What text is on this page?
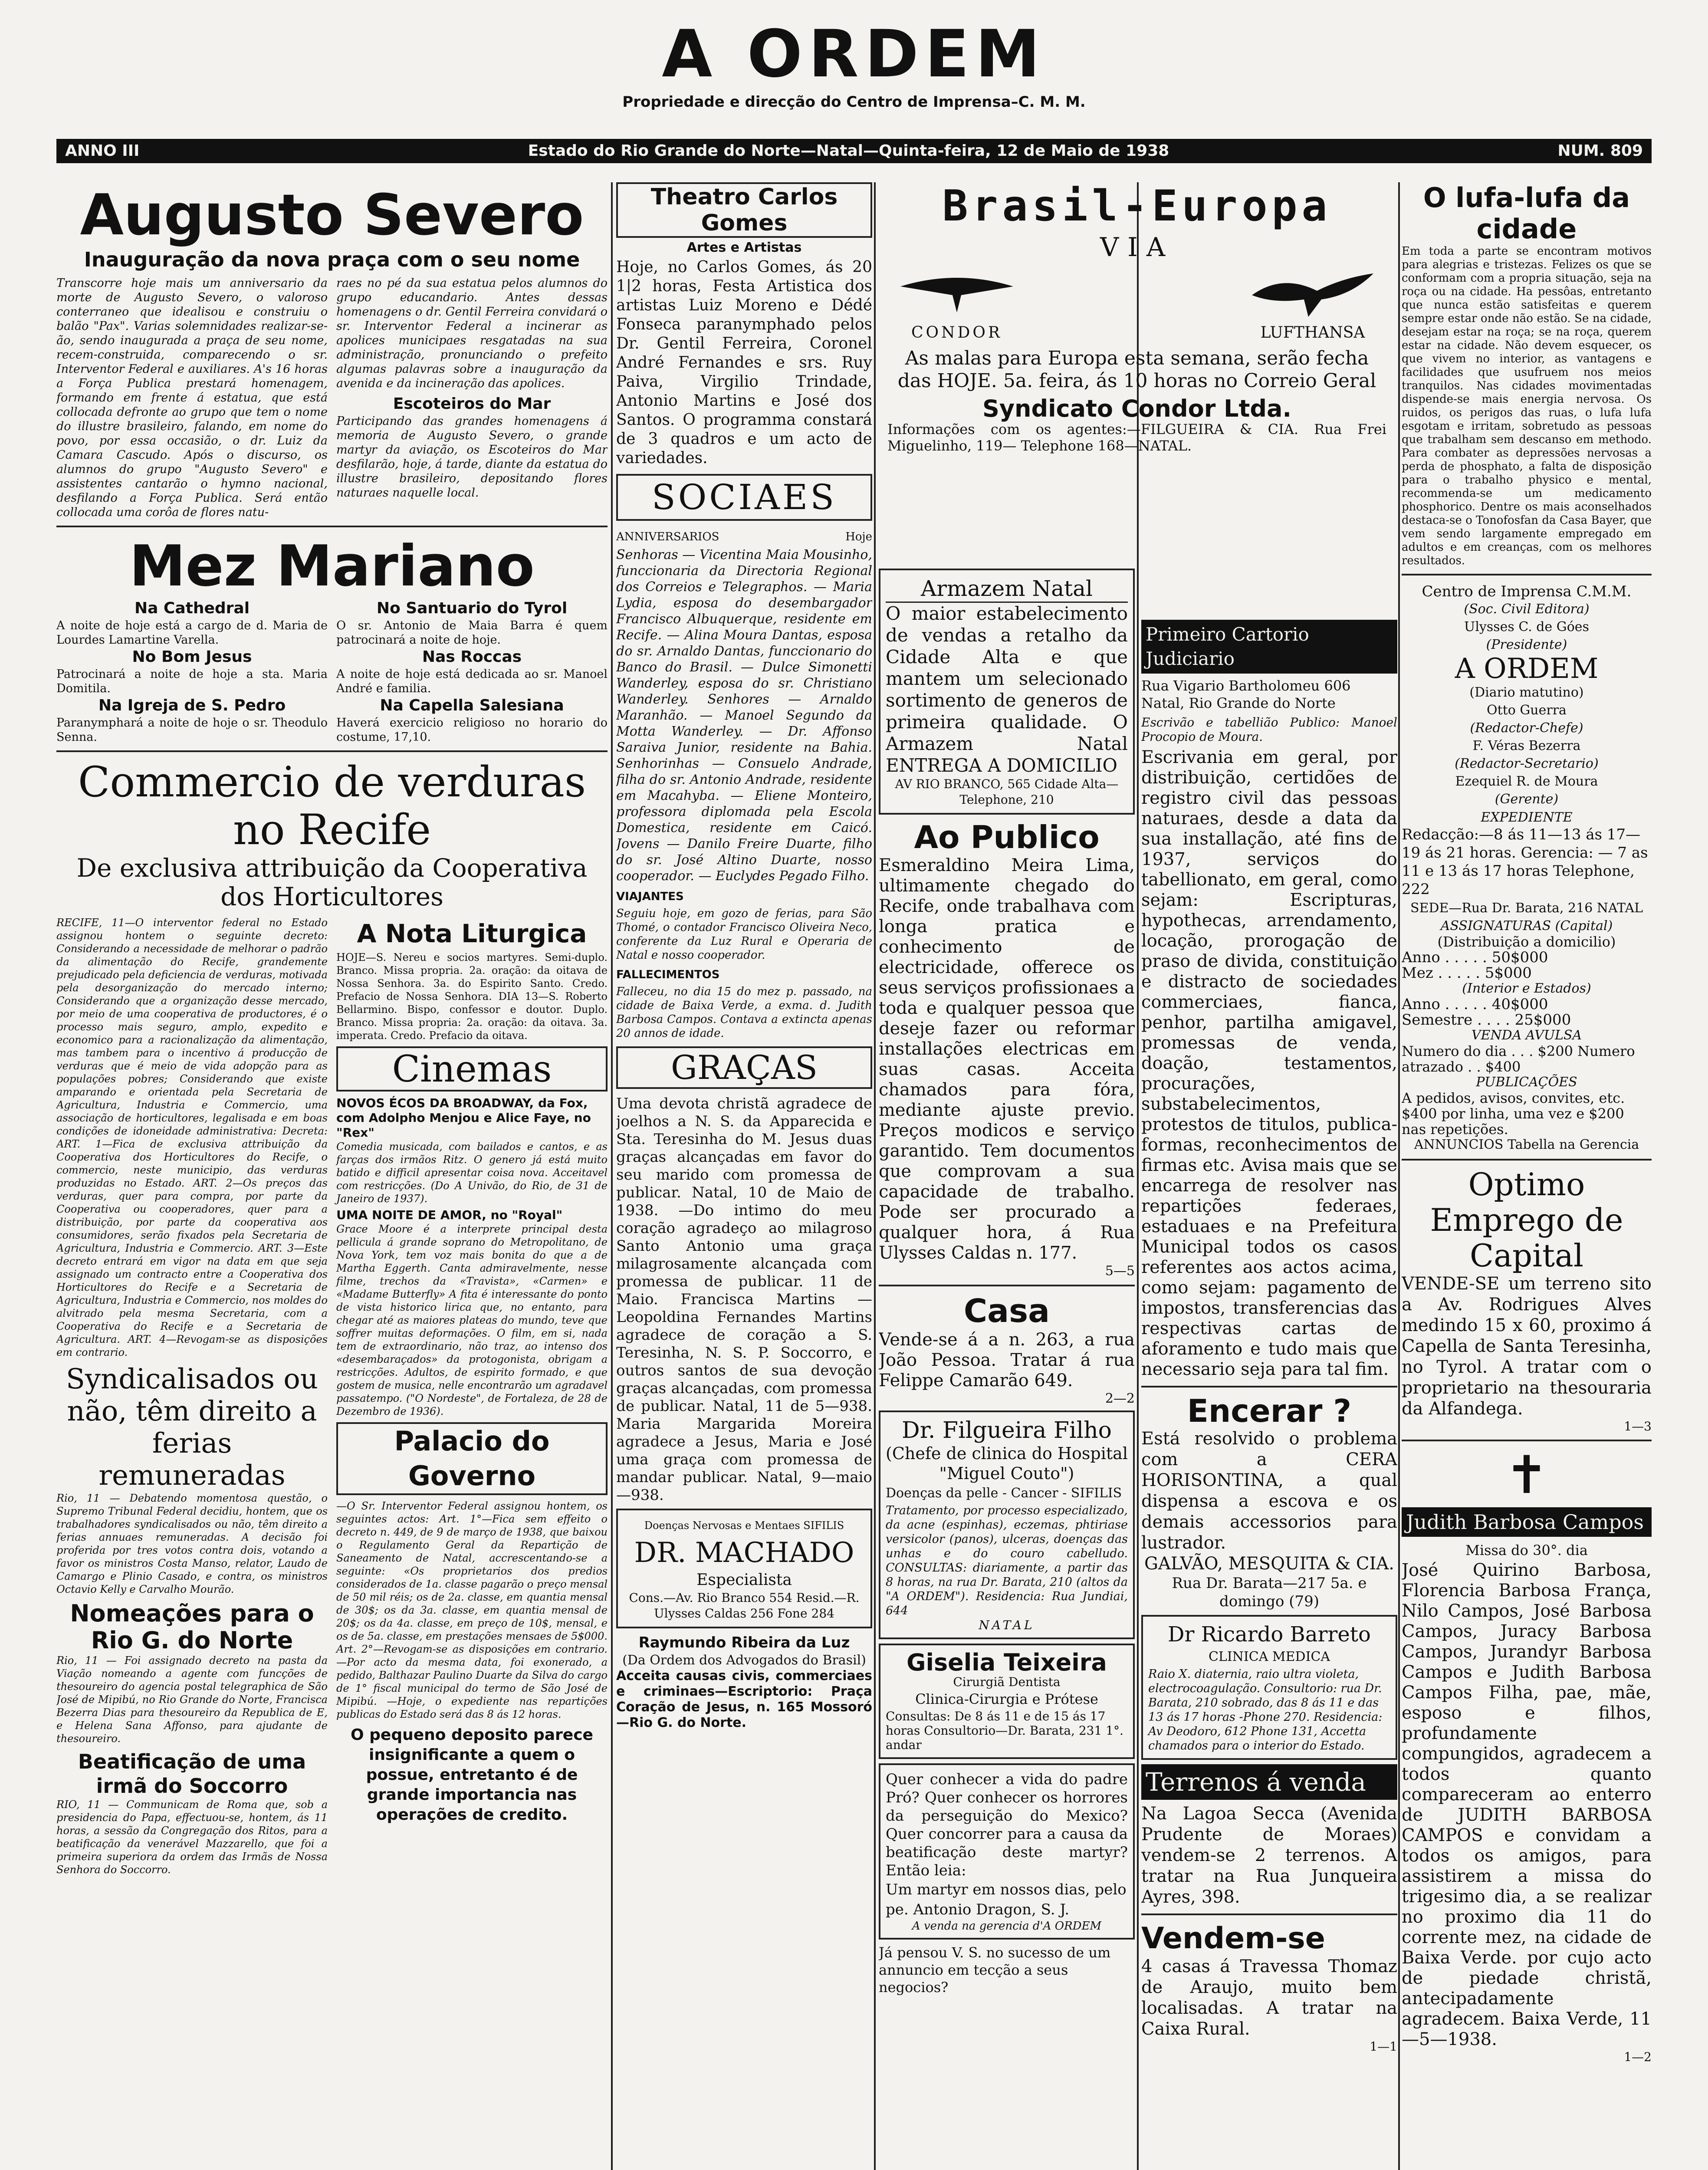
A ORDEM
Propriedade e direcção do Centro de Imprensa–C. M. M.
ANNO III	Estado do Rio Grande do Norte—Natal—Quinta-feira, 12 de Maio de 1938	NUM. 809
Augusto Severo
Inauguração da nova praça com o seu nome
Transcorre hoje mais um anniversario da morte de Augusto Severo, o valoroso conterraneo que idealisou e construiu o balão "Pax". Varias solemnidades realizar-se-ão, sendo inaugurada a praça de seu nome, recem-construida, comparecendo o sr. Interventor Federal e auxiliares. A's 16 horas a Força Publica prestará homenagem, formando em frente á estatua, que está collocada defronte ao grupo que tem o nome do illustre brasileiro, falando, em nome do povo, por essa occasião, o dr. Luiz da Camara Cascudo. Após o discurso, os alumnos do grupo "Augusto Severo" e assistentes cantarão o hymno nacional, desfilando a Força Publica. Será então collocada uma corôa de flores natu-
raes no pé da sua estatua pelos alumnos do grupo educandario. Antes dessas homenagens o dr. Gentil Ferreira convidará o sr. Interventor Federal a incinerar as apolices municipaes resgatadas na sua administração, pronunciando o prefeito algumas palavras sobre a inauguração da avenida e da incineração das apolices.
Escoteiros do Mar
Participando das grandes homenagens á memoria de Augusto Severo, o grande martyr da aviação, os Escoteiros do Mar desfilarão, hoje, á tarde, diante da estatua do illustre brasileiro, depositando flores naturaes naquelle local.
Mez Mariano
Na Cathedral
A noite de hoje está a cargo de d. Maria de Lourdes Lamartine Varella.
No Bom Jesus
Patrocinará a noite de hoje a sta. Maria Domitila.
Na Igreja de S. Pedro
Paranymphará a noite de hoje o sr. Theodulo Senna.
No Santuario do Tyrol
O sr. Antonio de Maia Barra é quem patrocinará a noite de hoje.
Nas Roccas
A noite de hoje está dedicada ao sr. Manoel André e familia.
Na Capella Salesiana
Haverá exercicio religioso no horario do costume, 17,10.
Commercio de verduras no Recife
De exclusiva attribuição da Cooperativa dos Horticultores
RECIFE, 11—O interventor federal no Estado assignou hontem o seguinte decreto: Considerando a necessidade de melhorar o padrão da alimentação do Recife, grandemente prejudicado pela deficiencia de verduras, motivada pela desorganização do mercado interno; Considerando que a organização desse mercado, por meio de uma cooperativa de productores, é o processo mais seguro, amplo, expedito e economico para a racionalização da alimentação, mas tambem para o incentivo á producção de verduras que é meio de vida adopção para as populações pobres; Considerando que existe amparando e orientada pela Secretaria de Agricultura, Industria e Commercio, uma associação de horticultores, legalisada e em boas condições de idoneidade administrativa: Decreta: ART. 1—Fica de exclusiva attribuição da Cooperativa dos Horticultores do Recife, o commercio, neste municipio, das verduras produzidas no Estado. ART. 2—Os preços das verduras, quer para compra, por parte da Cooperativa ou cooperadores, quer para a distribuição, por parte da cooperativa aos consumidores, serão fixados pela Secretaria de Agricultura, Industria e Commercio. ART. 3—Este decreto entrará em vigor na data em que seja assignado um contracto entre a Cooperativa dos Horticultores do Recife e a Secretaria de Agricultura, Industria e Commercio, nos moldes do alvitrado pela mesma Secretaria, com a Cooperativa do Recife e a Secretaria de Agricultura. ART. 4—Revogam-se as disposições em contrario.
Syndicalisados ou não, têm direito a ferias remuneradas
Rio, 11 — Debatendo momentosa questão, o Supremo Tribunal Federal decidiu, hontem, que os trabalhadores syndicalisados ou não, têm direito a ferias annuaes remuneradas. A decisão foi proferida por tres votos contra dois, votando a favor os ministros Costa Manso, relator, Laudo de Camargo e Plinio Casado, e contra, os ministros Octavio Kelly e Carvalho Mourão.
Nomeações para o Rio G. do Norte
Rio, 11 — Foi assignado decreto na pasta da Viação nomeando a agente com funcções de thesoureiro do agencia postal telegraphica de São José de Mipibú, no Rio Grande do Norte, Francisca Bezerra Dias para thesoureiro da Republica de E, e Helena Sana Affonso, para ajudante de thesoureiro.
Beatificação de uma irmã do Soccorro
RIO, 11 — Communicam de Roma que, sob a presidencia do Papa, effectuou-se, hontem, ás 11 horas, a sessão da Congregação dos Ritos, para a beatificação da venerável Mazzarello, que foi a primeira superiora da ordem das Irmãs de Nossa Senhora do Soccorro.
A Nota Liturgica
HOJE—S. Nereu e socios martyres. Semi-duplo. Branco. Missa propria. 2a. oração: da oitava de Nossa Senhora. 3a. do Espirito Santo. Credo. Prefacio de Nossa Senhora. DIA 13—S. Roberto Bellarmino. Bispo, confessor e doutor. Duplo. Branco. Missa propria: 2a. oração: da oitava. 3a. imperata. Credo. Prefacio da oitava.
Cinemas
NOVOS ÉCOS DA BROADWAY, da Fox, com Adolpho Menjou e Alice Faye, no "Rex"
Comedia musicada, com bailados e cantos, e as farças dos irmãos Ritz. O genero já está muito batido e difficil apresentar coisa nova. Acceitavel com restricções. (Do A Univão, do Rio, de 31 de Janeiro de 1937).
UMA NOITE DE AMOR, no "Royal"
Grace Moore é a interprete principal desta pellicula á grande soprano do Metropolitano, de Nova York, tem voz mais bonita do que a de Martha Eggerth. Canta admiravelmente, nesse filme, trechos da «Travista», «Carmen» e «Madame Butterfly» A fita é interessante do ponto de vista historico lirica que, no entanto, para chegar até as maiores plateas do mundo, teve que soffrer muitas deformações. O film, em si, nada tem de extraordinario, não traz, ao intenso dos «desembaraçados» da protogonista, obrigam a restricções. Adultos, de espirito formado, e que gostem de musica, nelle encontrarão um agradavel passatempo. ("O Nordeste", de Fortaleza, de 28 de Dezembro de 1936).
Palacio do Governo
—O Sr. Interventor Federal assignou hontem, os seguintes actos: Art. 1°—Fica sem effeito o decreto n. 449, de 9 de março de 1938, que baixou o Regulamento Geral da Repartição de Saneamento de Natal, accrescentando-se a seguinte: «Os proprietarios dos predios considerados de 1a. classe pagarão o preço mensal de 50 mil réis; os de 2a. classe, em quantia mensal de 30$; os da 3a. classe, em quantia mensal de 20$; os da 4a. classe, em preço de 10$, mensal, e os de 5a. classe, em prestações mensaes de 5$000. Art. 2°—Revogam-se as disposições em contrario. —Por acto da mesma data, foi exonerado, a pedido, Balthazar Paulino Duarte da Silva do cargo de 1° fiscal municipal do termo de São José de Mipibú. —Hoje, o expediente nas repartições publicas do Estado será das 8 ás 12 horas.
O pequeno deposito parece insignificante a quem o possue, entretanto é de grande importancia nas operações de credito.
Theatro Carlos Gomes
Artes e Artistas
Hoje, no Carlos Gomes, ás 20 1|2 horas, Festa Artistica dos artistas Luiz Moreno e Dédé Fonseca paranymphado pelos Dr. Gentil Ferreira, Coronel André Fernandes e srs. Ruy Paiva, Virgilio Trindade, Antonio Martins e José dos Santos. O programma constará de 3 quadros e um acto de variedades.
SOCIAES
ANNIVERSARIOS	Hoje
Senhoras — Vicentina Maia Mousinho, funccionaria da Directoria Regional dos Correios e Telegraphos. — Maria Lydia, esposa do desembargador Francisco Albuquerque, residente em Recife. — Alina Moura Dantas, esposa do sr. Arnaldo Dantas, funccionario do Banco do Brasil. — Dulce Simonetti Wanderley, esposa do sr. Christiano Wanderley. Senhores — Arnaldo Maranhão. — Manoel Segundo da Motta Wanderley. — Dr. Affonso Saraiva Junior, residente na Bahia. Senhorinhas — Consuelo Andrade, filha do sr. Antonio Andrade, residente em Macahyba. — Eliene Monteiro, professora diplomada pela Escola Domestica, residente em Caicó. Jovens — Danilo Freire Duarte, filho do sr. José Altino Duarte, nosso cooperador. — Euclydes Pegado Filho.
VIAJANTES
Seguiu hoje, em gozo de ferias, para São Thomé, o contador Francisco Oliveira Neco, conferente da Luz Rural e Operaria de Natal e nosso cooperador.
FALLECIMENTOS
Falleceu, no dia 15 do mez p. passado, na cidade de Baixa Verde, a exma. d. Judith Barbosa Campos. Contava a extincta apenas 20 annos de idade.
GRAÇAS
Uma devota christã agradece de joelhos a N. S. da Apparecida e Sta. Teresinha do M. Jesus duas graças alcançadas em favor do seu marido com promessa de publicar. Natal, 10 de Maio de 1938. —Do intimo do meu coração agradeço ao milagroso Santo Antonio uma graça milagrosamente alcançada com promessa de publicar. 11 de Maio. Francisca Martins —Leopoldina Fernandes Martins agradece de coração a S. Teresinha, N. S. P. Soccorro, e outros santos de sua devoção graças alcançadas, com promessa de publicar. Natal, 11 de 5—938. Maria Margarida Moreira agradece a Jesus, Maria e José uma graça com promessa de mandar publicar. Natal, 9—maio—938.
Doenças Nervosas e Mentaes SIFILIS
DR. MACHADO
Especialista
Cons.—Av. Rio Branco 554 Resid.—R. Ulysses Caldas 256 Fone 284
Raymundo Ribeira da Luz
(Da Ordem dos Advogados do Brasil)
Acceita causas civis, commerciaes e criminaes—Escriptorio: Praça Coração de Jesus, n. 165 Mossoró—Rio G. do Norte.
Brasil-Europa
VIA
CONDOR	LUFTHANSA
As malas para Europa esta semana, serão fecha das HOJE. 5a. feira, ás 10 horas no Correio Geral
Syndicato Condor Ltda.
Informações com os agentes:—FILGUEIRA & CIA. Rua Frei Miguelinho, 119— Telephone 168—NATAL.
Armazem Natal
O maior estabelecimento de vendas a retalho da Cidade Alta e que mantem um selecionado sortimento de generos de primeira qualidade. O Armazem Natal ENTREGA A DOMICILIO
AV RIO BRANCO, 565 Cidade Alta—Telephone, 210
Ao Publico
Esmeraldino Meira Lima, ultimamente chegado do Recife, onde trabalhava com longa pratica e conhecimento de electricidade, offerece os seus serviços profissionaes a toda e qualquer pessoa que deseje fazer ou reformar installações electricas em suas casas. Acceita chamados para fóra, mediante ajuste previo. Preços modicos e serviço garantido. Tem documentos que comprovam a sua capacidade de trabalho. Pode ser procurado a qualquer hora, á Rua Ulysses Caldas n. 177.
5—5
Casa
Vende-se á a n. 263, a rua João Pessoa. Tratar á rua Felippe Camarão 649.
2—2
Dr. Filgueira Filho
(Chefe de clinica do Hospital "Miguel Couto")
Doenças da pelle - Cancer - SIFILIS
Tratamento, por processo especializado, da acne (espinhas), eczemas, phtiriase versicolor (panos), ulceras, doenças das unhas e do couro cabelludo. CONSULTAS: diariamente, a partir das 8 horas, na rua Dr. Barata, 210 (altos da "A ORDEM"). Residencia: Rua Jundiai, 644
NATAL
Giselia Teixeira
Cirurgiã Dentista
Clinica-Cirurgia e Prótese
Consultas: De 8 ás 11 e de 15 ás 17 horas Consultorio—Dr. Barata, 231 1°. andar
Quer conhecer a vida do padre Pró? Quer conhecer os horrores da perseguição do Mexico? Quer concorrer para a causa da beatificação deste martyr? Então leia:
Um martyr em nossos dias, pelo pe. Antonio Dragon, S. J.
A venda na gerencia d'A ORDEM
Já pensou V. S. no sucesso de um annuncio em tecção a seus negocios?
Primeiro Cartorio Judiciario
Rua Vigario Bartholomeu 606 Natal, Rio Grande do Norte
Escrivão e tabellião Publico: Manoel Procopio de Moura.
Escrivania em geral, por distribuição, certidões de registro civil das pessoas naturaes, desde a data da sua installação, até fins de 1937, serviços do tabellionato, em geral, como sejam: Escripturas, hypothecas, arrendamento, locação, prorogação de praso de divida, constituição e distracto de sociedades commerciaes, fianca, penhor, partilha amigavel, promessas de venda, doação, testamentos, procurações, substabelecimentos, protestos de titulos, publica-formas, reconhecimentos de firmas etc. Avisa mais que se encarrega de resolver nas repartições federaes, estaduaes e na Prefeitura Municipal todos os casos referentes aos actos acima, como sejam: pagamento de impostos, transferencias das respectivas cartas de aforamento e tudo mais que necessario seja para tal fim.
Encerar ?
Está resolvido o problema com a CERA HORISONTINA, a qual dispensa a escova e os demais accessorios para lustrador.
GALVÃO, MESQUITA & CIA.
Rua Dr. Barata—217 5a. e domingo (79)
Dr Ricardo Barreto
CLINICA MEDICA
Raio X. diaternia, raio ultra violeta, electrocoagulação. Consultorio: rua Dr. Barata, 210 sobrado, das 8 ás 11 e das 13 ás 17 horas -Phone 270. Residencia: Av Deodoro, 612 Phone 131, Accetta chamados para o interior do Estado.
Terrenos á venda
Na Lagoa Secca (Avenida Prudente de Moraes) vendem-se 2 terrenos. A tratar na Rua Junqueira Ayres, 398.
Vendem-se
4 casas á Travessa Thomaz de Araujo, muito bem localisadas. A tratar na Caixa Rural.
1—1
O lufa-lufa da cidade
Em toda a parte se encontram motivos para alegrias e tristezas. Felizes os que se conformam com a propria situação, seja na roça ou na cidade. Ha pessôas, entretanto que nunca estão satisfeitas e querem sempre estar onde não estão. Se na cidade, desejam estar na roça; se na roça, querem estar na cidade. Não devem esquecer, os que vivem no interior, as vantagens e facilidades que usufruem nos meios tranquilos. Nas cidades movimentadas dispende-se mais energia nervosa. Os ruidos, os perigos das ruas, o lufa lufa esgotam e irritam, sobretudo as pessoas que trabalham sem descanso em methodo. Para combater as depressões nervosas a perda de phosphato, a falta de disposição para o trabalho physico e mental, recommenda-se um medicamento phosphorico. Dentre os mais aconselhados destaca-se o Tonofosfan da Casa Bayer, que vem sendo largamente empregado em adultos e em creanças, com os melhores resultados.
Centro de Imprensa C.M.M.
(Soc. Civil Editora)
Ulysses C. de Góes
(Presidente)
A ORDEM
(Diario matutino)
Otto Guerra
(Redactor-Chefe)
F. Véras Bezerra
(Redactor-Secretario)
Ezequiel R. de Moura
(Gerente)
EXPEDIENTE
Redacção:—8 ás 11—13 ás 17—19 ás 21 horas. Gerencia: — 7 as 11 e 13 ás 17 horas Telephone, 222
SEDE—Rua Dr. Barata, 216 NATAL
ASSIGNATURAS (Capital)
(Distribuição a domicilio)
Anno . . . . . 50$000
Mez . . . . . 5$000
(Interior e Estados)
Anno . . . . . 40$000
Semestre . . . . 25$000
VENDA AVULSA
Numero do dia . . . $200 Numero atrazado . . $400
PUBLICAÇÕES
A pedidos, avisos, convites, etc. $400 por linha, uma vez e $200 nas repetições.
ANNUNCIOS Tabella na Gerencia
Optimo Emprego de Capital
VENDE-SE um terreno sito a Av. Rodrigues Alves medindo 15 x 60, proximo á Capella de Santa Teresinha, no Tyrol. A tratar com o proprietario na thesouraria da Alfandega.
1—3
✝
Judith Barbosa Campos
Missa do 30°. dia
José Quirino Barbosa, Florencia Barbosa França, Nilo Campos, José Barbosa Campos, Juracy Barbosa Campos, Jurandyr Barbosa Campos e Judith Barbosa Campos Filha, pae, mãe, esposo e filhos, profundamente compungidos, agradecem a todos quanto compareceram ao enterro de JUDITH BARBOSA CAMPOS e convidam a todos os amigos, para assistirem a missa do trigesimo dia, a se realizar no proximo dia 11 do corrente mez, na cidade de Baixa Verde. por cujo acto de piedade christã, antecipadamente agradecem. Baixa Verde, 11—5—1938.
1—2
